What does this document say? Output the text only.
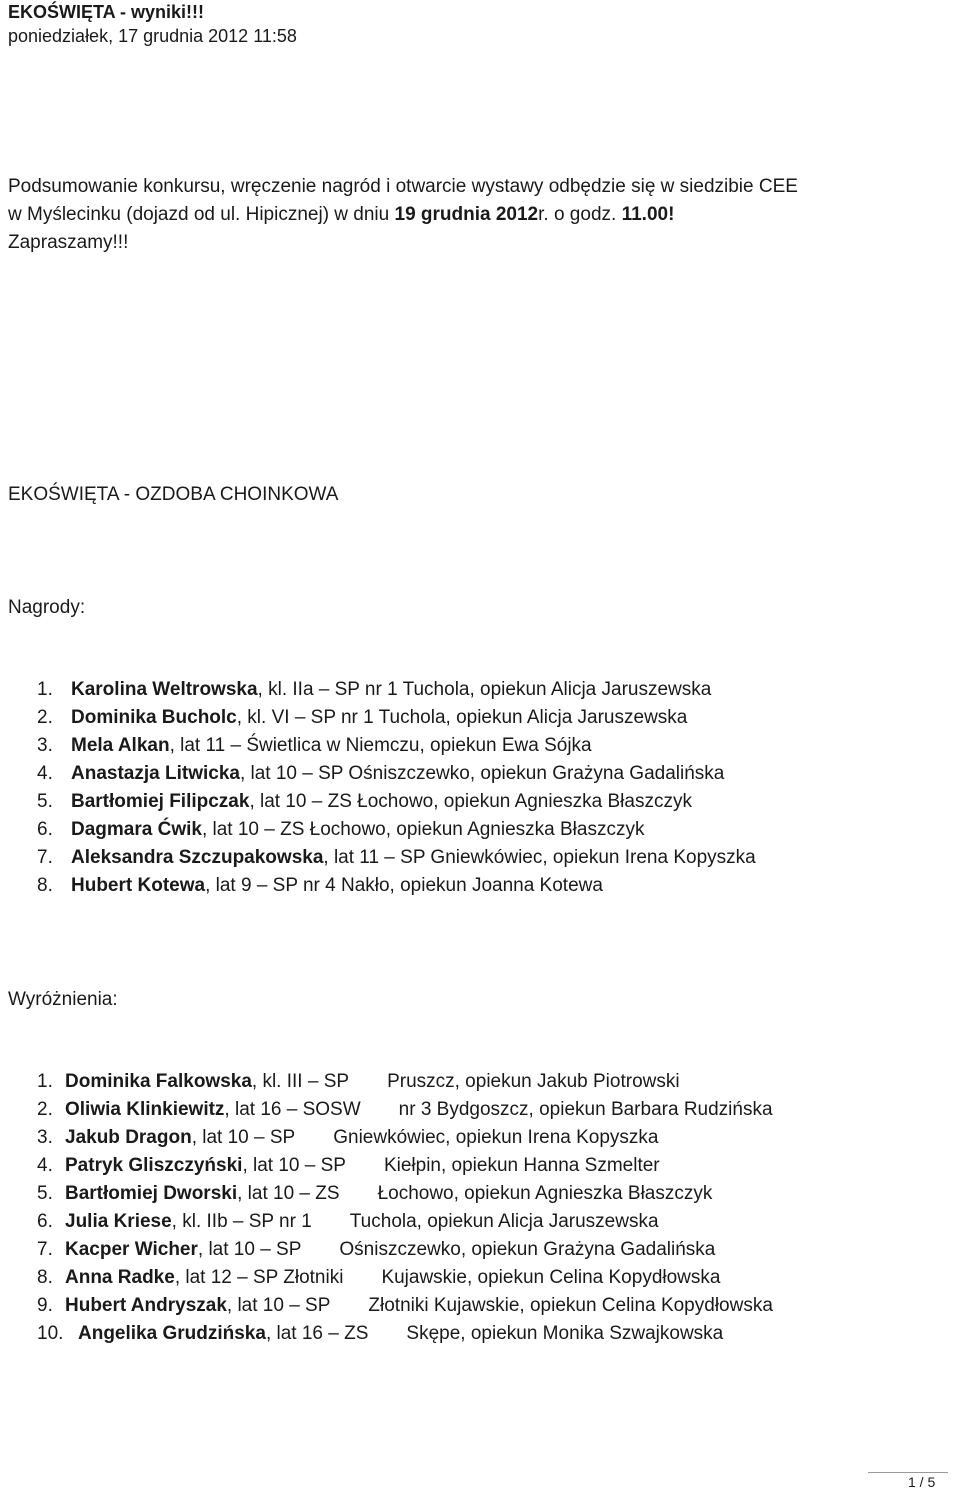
EKOŚWIĘTA - wyniki!!!
poniedziałek, 17 grudnia 2012 11:58
Podsumowanie konkursu, wręczenie nagród i otwarcie wystawy odbędzie się w siedzibie CEE
w Myślecinku (dojazd od ul. Hipicznej) w dniu 19 grudnia 2012r. o godz. 11.00!
Zapraszamy!!!
EKOŚWIĘTA - OZDOBA CHOINKOWA
Nagrody:
1. Karolina Weltrowska, kl. IIa – SP nr 1 Tuchola, opiekun Alicja Jaruszewska
2. Dominika Bucholc, kl. VI – SP nr 1 Tuchola, opiekun Alicja Jaruszewska
3. Mela Alkan, lat 11 – Świetlica w Niemczu, opiekun Ewa Sójka
4. Anastazja Litwicka, lat 10 – SP Ośniszczewko, opiekun Grażyna Gadalińska
5. Bartłomiej Filipczak, lat 10 – ZS Łochowo, opiekun Agnieszka Błaszczyk
6. Dagmara Ćwik, lat 10 – ZS Łochowo, opiekun Agnieszka Błaszczyk
7. Aleksandra Szczupakowska, lat 11 – SP Gniewkówiec, opiekun Irena Kopyszka
8. Hubert Kotewa, lat 9 – SP nr 4 Nakło, opiekun Joanna Kotewa
Wyróżnienia:
1. Dominika Falkowska, kl. III – SP Pruszcz, opiekun Jakub Piotrowski
2. Oliwia Klinkiewitz, lat 16 – SOSW nr 3 Bydgoszcz, opiekun Barbara Rudzińska
3. Jakub Dragon, lat 10 – SP Gniewkówiec, opiekun Irena Kopyszka
4. Patryk Gliszczyński, lat 10 – SP Kiełpin, opiekun Hanna Szmelter
5. Bartłomiej Dworski, lat 10 – ZS Łochowo, opiekun Agnieszka Błaszczyk
6. Julia Kriese, kl. IIb – SP nr 1 Tuchola, opiekun Alicja Jaruszewska
7. Kacper Wicher, lat 10 – SP Ośniszczewko, opiekun Grażyna Gadalińska
8. Anna Radke, lat 12 – SP Złotniki Kujawskie, opiekun Celina Kopydłowska
9. Hubert Andryszak, lat 10 – SP Złotniki Kujawskie, opiekun Celina Kopydłowska
10. Angelika Grudzińska, lat 16 – ZS Skępe, opiekun Monika Szwajkowska
1 / 5
